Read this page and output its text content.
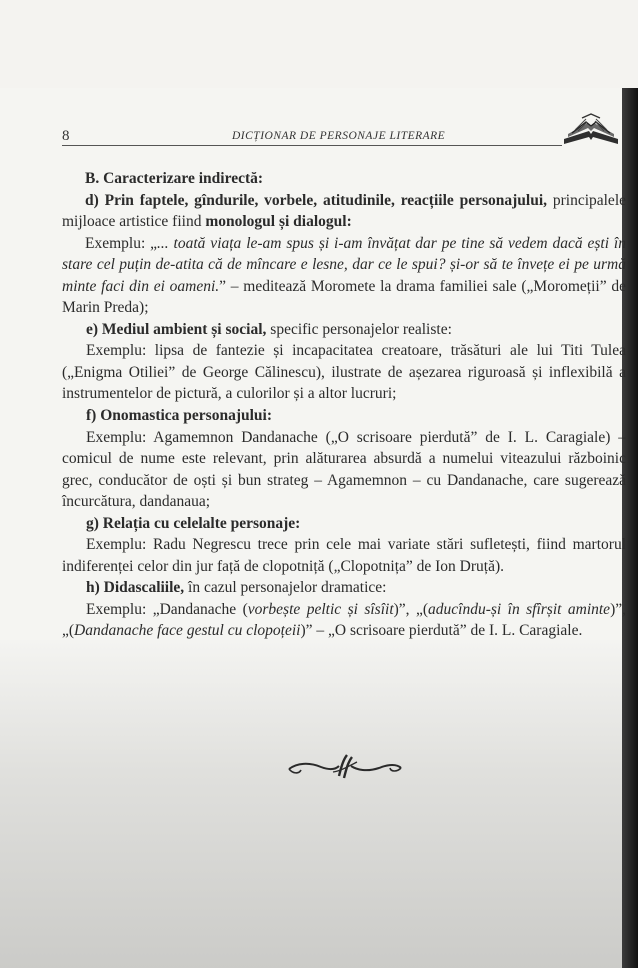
8	DICȚIONAR DE PERSONAJE LITERARE

B. Caracterizare indirectă:

d) Prin faptele, gîndurile, vorbele, atitudinile, reacțiile personajului, principalele mijloace artistice fiind monologul și dialogul:

Exemplu: „... toată viața le-am spus și i-am învățat dar pe tine să vedem dacă ești în stare cel puțin de-atita că de mîncare e lesne, dar ce le spui? și-or să te învețe ei pe urmă minte faci din ei oameni.” – meditează Moromete la drama familiei sale („Moromeții” de Marin Preda);

e) Mediul ambient și social, specific personajelor realiste:

Exemplu: lipsa de fantezie și incapacitatea creatoare, trăsături ale lui Titi Tulea („Enigma Otiliei” de George Călinescu), ilustrate de așezarea riguroasă și inflexibilă a instrumentelor de pictură, a culorilor și a altor lucruri;

f) Onomastica personajului:

Exemplu: Agamemnon Dandanache („O scrisoare pierdută” de I. L. Caragiale) – comicul de nume este relevant, prin alăturarea absurdă a numelui viteazului războinic grec, conducător de oști și bun strateg – Agamemnon – cu Dandanache, care sugerează încurcătura, dandanaua;

g) Relația cu celelalte personaje:

Exemplu: Radu Negrescu trece prin cele mai variate stări sufletești, fiind martorul indiferenței celor din jur față de clopotniță („Clopotnița” de Ion Druță).

h) Didascaliile, în cazul personajelor dramatice:

Exemplu: „Dandanache (vorbește peltic și sîsîit)”, „(aducîndu-și în sfîrșit aminte)”, „(Dandanache face gestul cu clopoțeii)” – „O scrisoare pierdută” de I. L. Caragiale.
